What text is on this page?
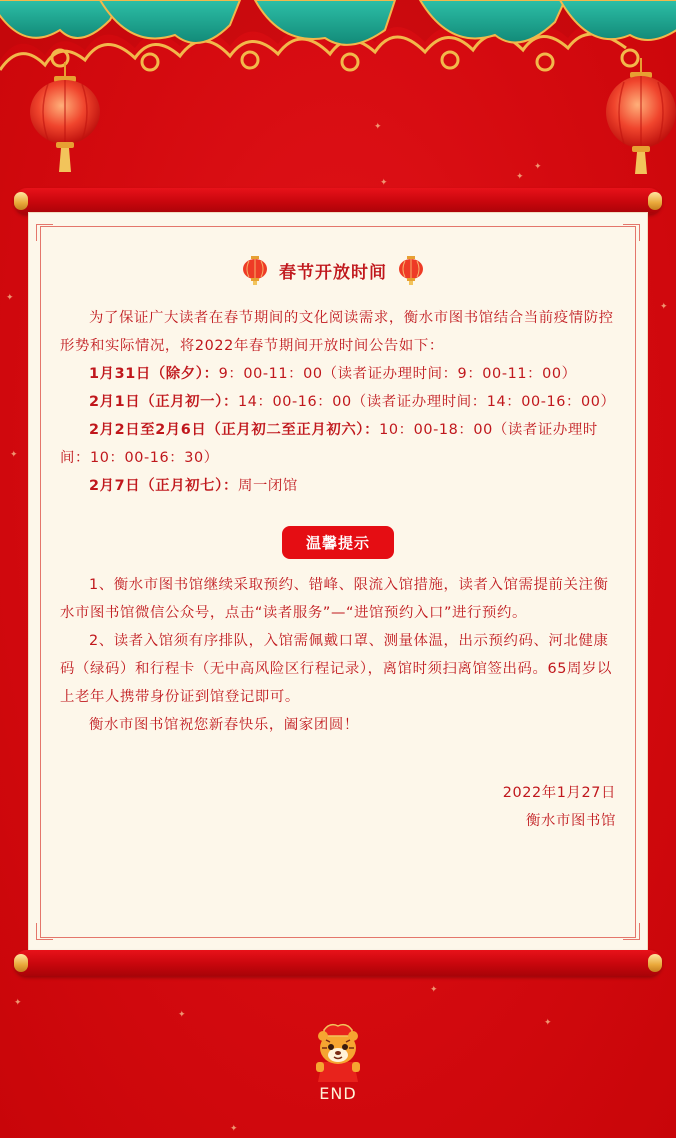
✦
✦
✦
✦
✦
✦
✦
✦
✦
✦
✦
✦
春节开放时间

为了保证广大读者在春节期间的文化阅读需求，衡水市图书馆结合当前疫情防控形势和实际情况，将2022年春节期间开放时间公告如下：

1月31日（除夕）：9：00-11：00（读者证办理时间：9：00-11：00）

2月1日（正月初一）：14：00-16：00（读者证办理时间：14：00-16：00）

2月2日至2月6日（正月初二至正月初六）：10：00-18：00（读者证办理时间：10：00-16：30）

2月7日（正月初七）：周一闭馆

温馨提示

1、衡水市图书馆继续采取预约、错峰、限流入馆措施，读者入馆需提前关注衡水市图书馆微信公众号，点击“读者服务”—“进馆预约入口”进行预约。

2、读者入馆须有序排队，入馆需佩戴口罩、测量体温，出示预约码、河北健康码（绿码）和行程卡（无中高风险区行程记录），离馆时须扫离馆签出码。65周岁以上老年人携带身份证到馆登记即可。

衡水市图书馆祝您新春快乐，阖家团圆！

2022年1月27日

衡水市图书馆

END
